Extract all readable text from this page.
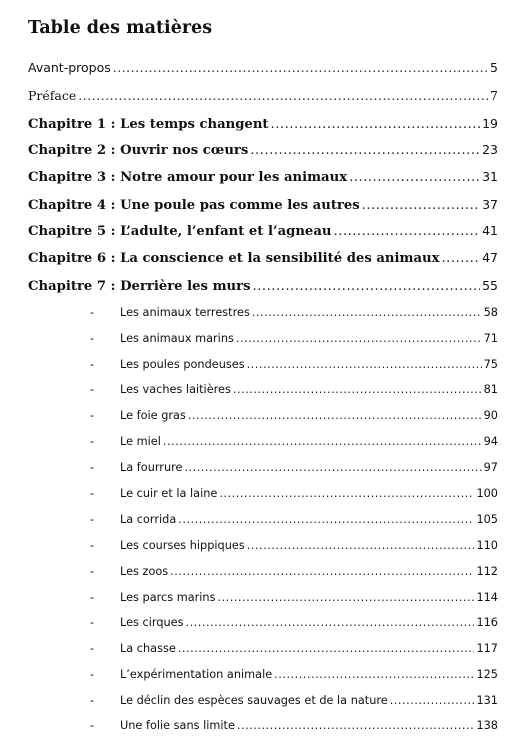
Table des matières
Avant-propos .....	5
Préface .....	7
Chapitre 1 : Les temps changent .....	19
Chapitre 2 : Ouvrir nos cœurs .....	23
Chapitre 3 : Notre amour pour les animaux .....	31
Chapitre 4 : Une poule pas comme les autres .....	37
Chapitre 5 : L’adulte, l’enfant et l’agneau .....	41
Chapitre 6 : La conscience et la sensibilité des animaux .....	47
Chapitre 7 : Derrière les murs .....	55
-	Les animaux terrestres .....	58
-	Les animaux marins .....	71
-	Les poules pondeuses .....	75
-	Les vaches laitières .....	81
-	Le foie gras .....	90
-	Le miel .....	94
-	La fourrure .....	97
-	Le cuir et la laine .....	100
-	La corrida .....	105
-	Les courses hippiques .....	110
-	Les zoos .....	112
-	Les parcs marins .....	114
-	Les cirques .....	116
-	La chasse .....	117
-	L’expérimentation animale .....	125
-	Le déclin des espèces sauvages et de la nature .....	131
-	Une folie sans limite .....	138
